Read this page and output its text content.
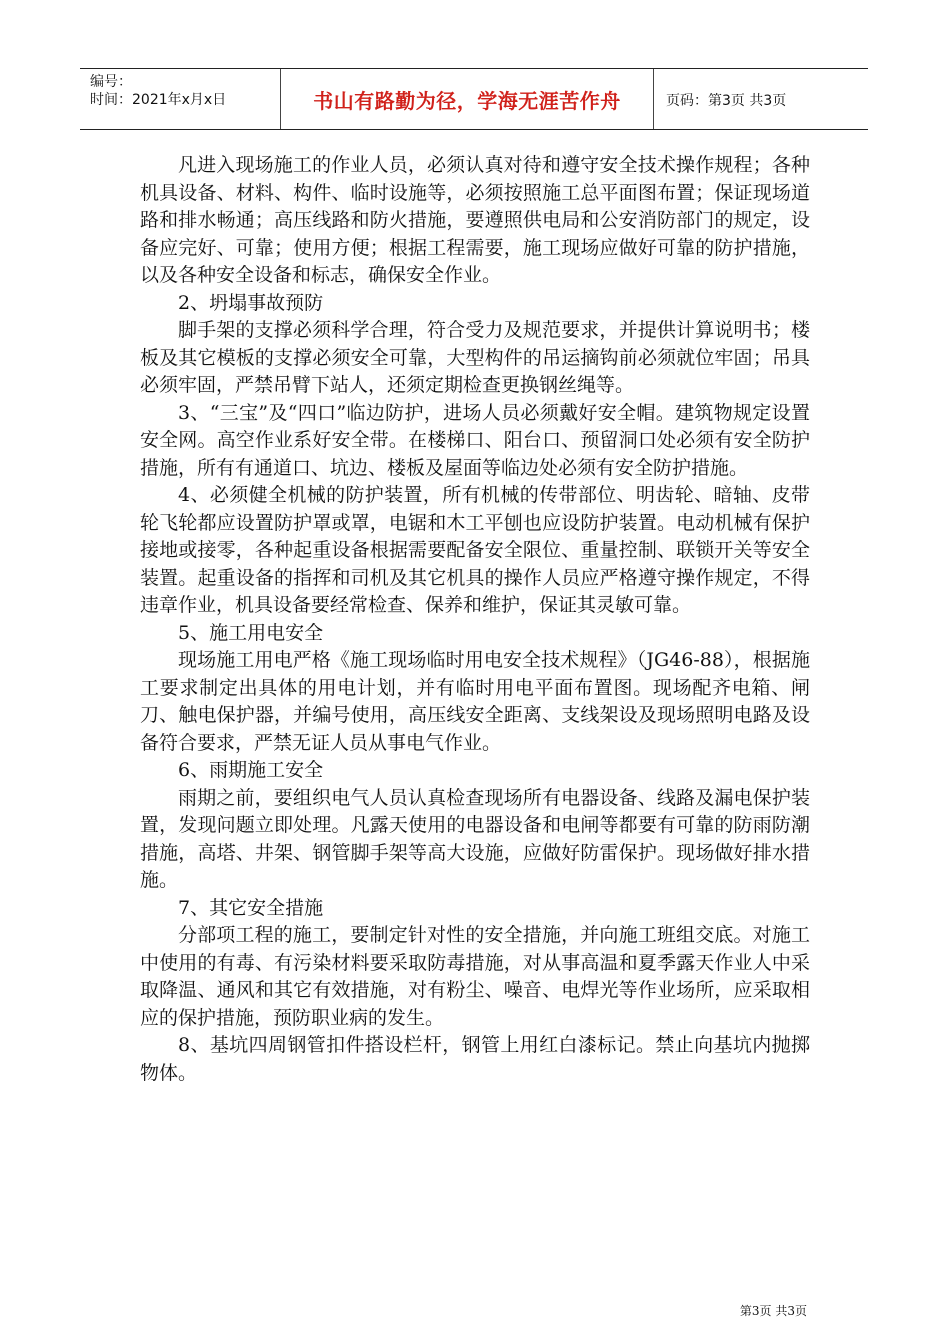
编号：
时间：2021年x月x日	书山有路勤为径，学海无涯苦作舟	页码：第3页 共3页

凡进入现场施工的作业人员，必须认真对待和遵守安全技术操作规程；各种机具设备、材料、构件、临时设施等，必须按照施工总平面图布置；保证现场道路和排水畅通；高压线路和防火措施，要遵照供电局和公安消防部门的规定，设备应完好、可靠；使用方便；根据工程需要，施工现场应做好可靠的防护措施，以及各种安全设备和标志，确保安全作业。

2、坍塌事故预防

脚手架的支撑必须科学合理，符合受力及规范要求，并提供计算说明书；楼板及其它模板的支撑必须安全可靠，大型构件的吊运摘钩前必须就位牢固；吊具必须牢固，严禁吊臂下站人，还须定期检查更换钢丝绳等。

3、“三宝”及“四口”临边防护，进场人员必须戴好安全帽。建筑物规定设置安全网。高空作业系好安全带。在楼梯口、阳台口、预留洞口处必须有安全防护措施，所有有通道口、坑边、楼板及屋面等临边处必须有安全防护措施。

4、必须健全机械的防护装置，所有机械的传带部位、明齿轮、暗轴、皮带轮飞轮都应设置防护罩或罩，电锯和木工平刨也应设防护装置。电动机械有保护接地或接零，各种起重设备根据需要配备安全限位、重量控制、联锁开关等安全装置。起重设备的指挥和司机及其它机具的操作人员应严格遵守操作规定，不得违章作业，机具设备要经常检查、保养和维护，保证其灵敏可靠。

5、施工用电安全

现场施工用电严格《施工现场临时用电安全技术规程》（JG46-88），根据施工要求制定出具体的用电计划，并有临时用电平面布置图。现场配齐电箱、闸刀、触电保护器，并编号使用，高压线安全距离、支线架设及现场照明电路及设备符合要求，严禁无证人员从事电气作业。

6、雨期施工安全

雨期之前，要组织电气人员认真检查现场所有电器设备、线路及漏电保护装置，发现问题立即处理。凡露天使用的电器设备和电闸等都要有可靠的防雨防潮措施，高塔、井架、钢管脚手架等高大设施，应做好防雷保护。现场做好排水措施。

7、其它安全措施

分部项工程的施工，要制定针对性的安全措施，并向施工班组交底。对施工中使用的有毒、有污染材料要采取防毒措施，对从事高温和夏季露天作业人中采取降温、通风和其它有效措施，对有粉尘、噪音、电焊光等作业场所，应采取相应的保护措施，预防职业病的发生。

8、基坑四周钢管扣件搭设栏杆，钢管上用红白漆标记。禁止向基坑内抛掷物体。

第3页 共3页
